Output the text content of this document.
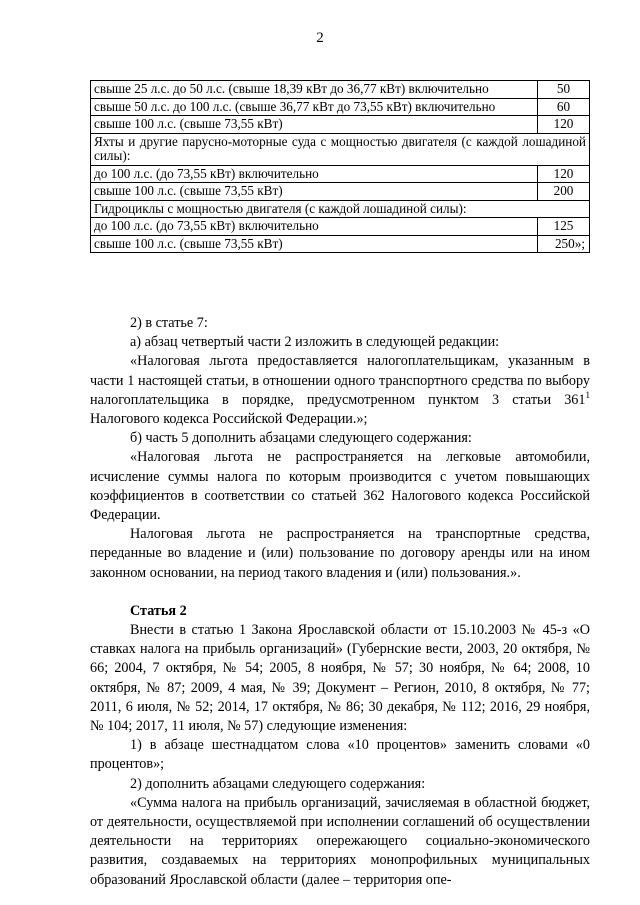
2
свыше 25 л.с. до 50 л.с. (свыше 18,39 кВт до 36,77 кВт) включительно	50
свыше 50 л.с. до 100 л.с. (свыше 36,77 кВт до 73,55 кВт) включительно	60
свыше 100 л.с. (свыше 73,55 кВт)	120
Яхты и другие парусно-моторные суда с мощностью двигателя (с каждой лошадиной силы):	
до 100 л.с. (до 73,55 кВт) включительно	120
свыше 100 л.с. (свыше 73,55 кВт)	200
Гидроциклы с мощностью двигателя (с каждой лошадиной силы):	
до 100 л.с. (до 73,55 кВт) включительно	125
свыше 100 л.с. (свыше 73,55 кВт)	250»;

2) в статье 7:

а) абзац четвертый части 2 изложить в следующей редакции:

«Налоговая льгота предоставляется налогоплательщикам, указанным в части 1 настоящей статьи, в отношении одного транспортного средства по выбору налогоплательщика в порядке, предусмотренном пунктом 3 статьи $361^1$ Налогового кодекса Российской Федерации.»;

б) часть 5 дополнить абзацами следующего содержания:

«Налоговая льгота не распространяется на легковые автомобили, исчисление суммы налога по которым производится с учетом повышающих коэффициентов в соответствии со статьей 362 Налогового кодекса Российской Федерации.

Налоговая льгота не распространяется на транспортные средства, переданные во владение и (или) пользование по договору аренды или на ином законном основании, на период такого владения и (или) пользования.».

Статья 2

Внести в статью 1 Закона Ярославской области от 15.10.2003 № 45-з «О ставках налога на прибыль организаций» (Губернские вести, 2003, 20 октября, № 66; 2004, 7 октября, № 54; 2005, 8 ноября, № 57; 30 ноября, № 64; 2008, 10 октября, № 87; 2009, 4 мая, № 39; Документ – Регион, 2010, 8 октября, № 77; 2011, 6 июля, № 52; 2014, 17 октября, № 86; 30 декабря, № 112; 2016, 29 ноября, № 104; 2017, 11 июля, № 57) следующие изменения:

1) в абзаце шестнадцатом слова «10 процентов» заменить словами «0 процентов»;

2) дополнить абзацами следующего содержания:

«Сумма налога на прибыль организаций, зачисляемая в областной бюджет, от деятельности, осуществляемой при исполнении соглашений об осуществлении деятельности на территориях опережающего социально-экономического развития, создаваемых на территориях монопрофильных муниципальных образований Ярославской области (далее – территория опе-
